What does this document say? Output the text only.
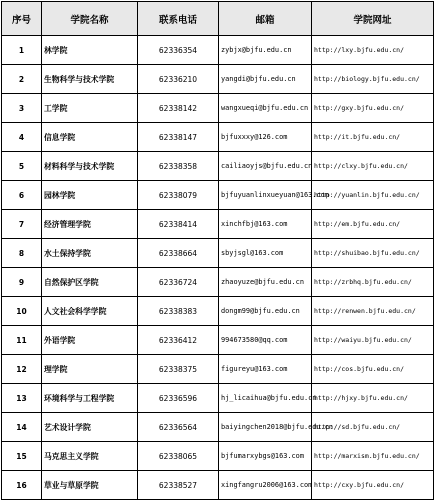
序号	学院名称	联系电话	邮箱	学院网址
1	林学院	62336354	zybjx@bjfu.edu.cn	http://lxy.bjfu.edu.cn/
2	生物科学与技术学院	62336210	yangdi@bjfu.edu.cn	http://biology.bjfu.edu.cn/
3	工学院	62338142	wangxueqi@bjfu.edu.cn	http://gxy.bjfu.edu.cn/
4	信息学院	62338147	bjfuxxxy@126.com	http://it.bjfu.edu.cn/
5	材料科学与技术学院	62338358	cailiaoyjs@bjfu.edu.cn	http://clxy.bjfu.edu.cn/
6	园林学院	62338079	bjfuyuanlinxueyuan@163.com	http://yuanlin.bjfu.edu.cn/
7	经济管理学院	62338414	xinchfbj@163.com	http://em.bjfu.edu.cn/
8	水土保持学院	62338664	sbyjsgl@163.com	http://shuibao.bjfu.edu.cn/
9	自然保护区学院	62336724	zhaoyuze@bjfu.edu.cn	http://zrbhq.bjfu.edu.cn/
10	人文社会科学学院	62338383	dongm99@bjfu.edu.cn	http://renwen.bjfu.edu.cn/
11	外语学院	62336412	994673580@qq.com	http://waiyu.bjfu.edu.cn/
12	理学院	62338375	figureyu@163.com	http://cos.bjfu.edu.cn/
13	环境科学与工程学院	62336596	hj_licaihua@bjfu.edu.cn	http://hjxy.bjfu.edu.cn/
14	艺术设计学院	62336564	baiyingchen2018@bjfu.edu.cn	http://sd.bjfu.edu.cn/
15	马克思主义学院	62338065	bjfumarxybgs@163.com	http://marxism.bjfu.edu.cn/
16	草业与草原学院	62338527	xingfangru2006@163.com	http://cxy.bjfu.edu.cn/
